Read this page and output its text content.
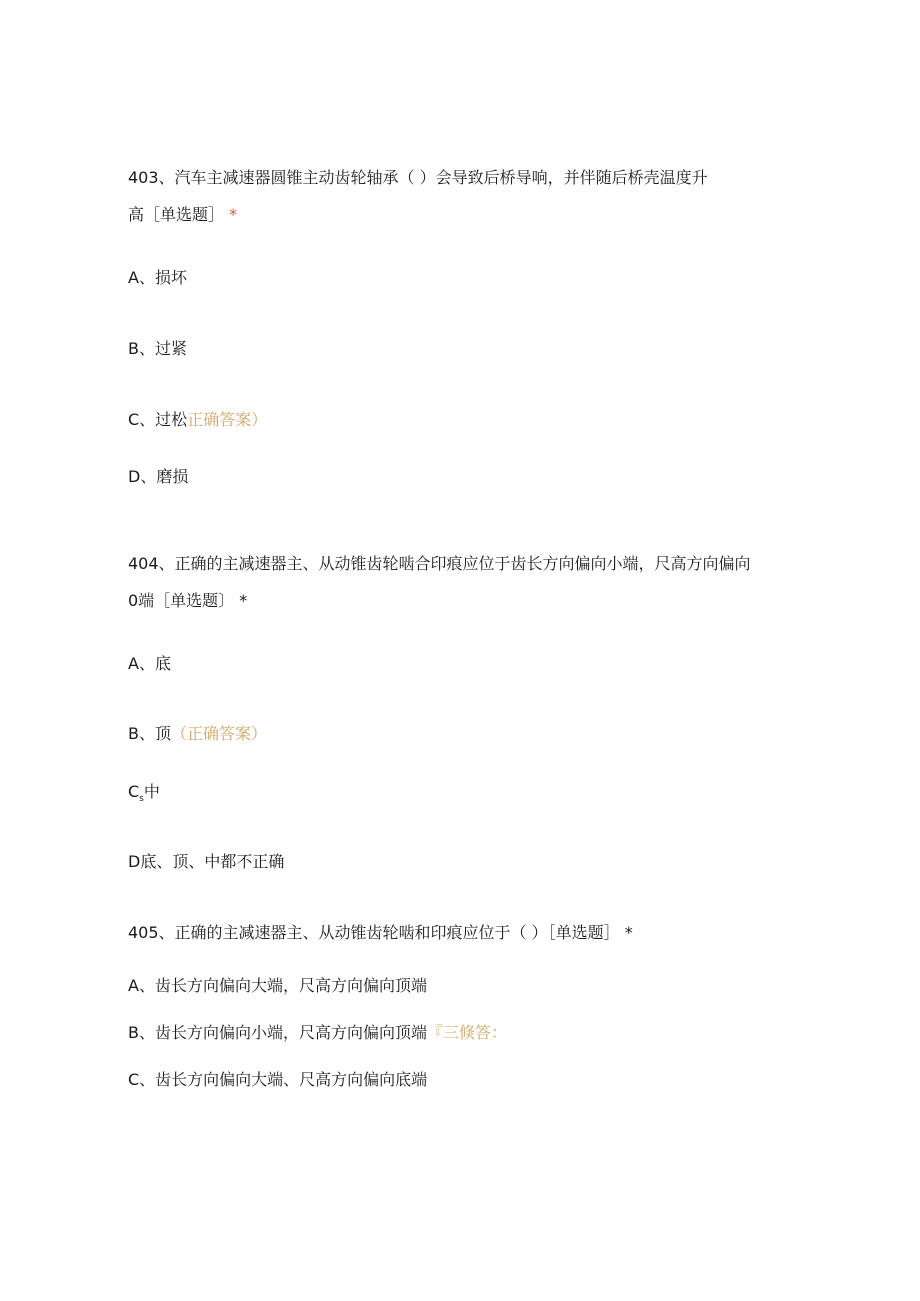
403、汽车主减速器圆锥主动齿轮轴承（ ）会导致后桥导响，并伴随后桥壳温度升
高［单选题］ *
A、损坏
B、过紧
C、过松正确答案）
D、磨损
404、正确的主减速器主、从动锥齿轮啮合印痕应位于齿长方向偏向小端，尺高方向偏向
0端［单选题〕 *
A、底
B、顶（正确答案）
$C_s$中
D底、顶、中都不正确
405、正确的主减速器主、从动锥齿轮啮和印痕应位于（ ）［单选题］ *
A、齿长方向偏向大端，尺高方向偏向顶端
B、齿长方向偏向小端，尺高方向偏向顶端『三倏答：
C、齿长方向偏向大端、尺高方向偏向底端
